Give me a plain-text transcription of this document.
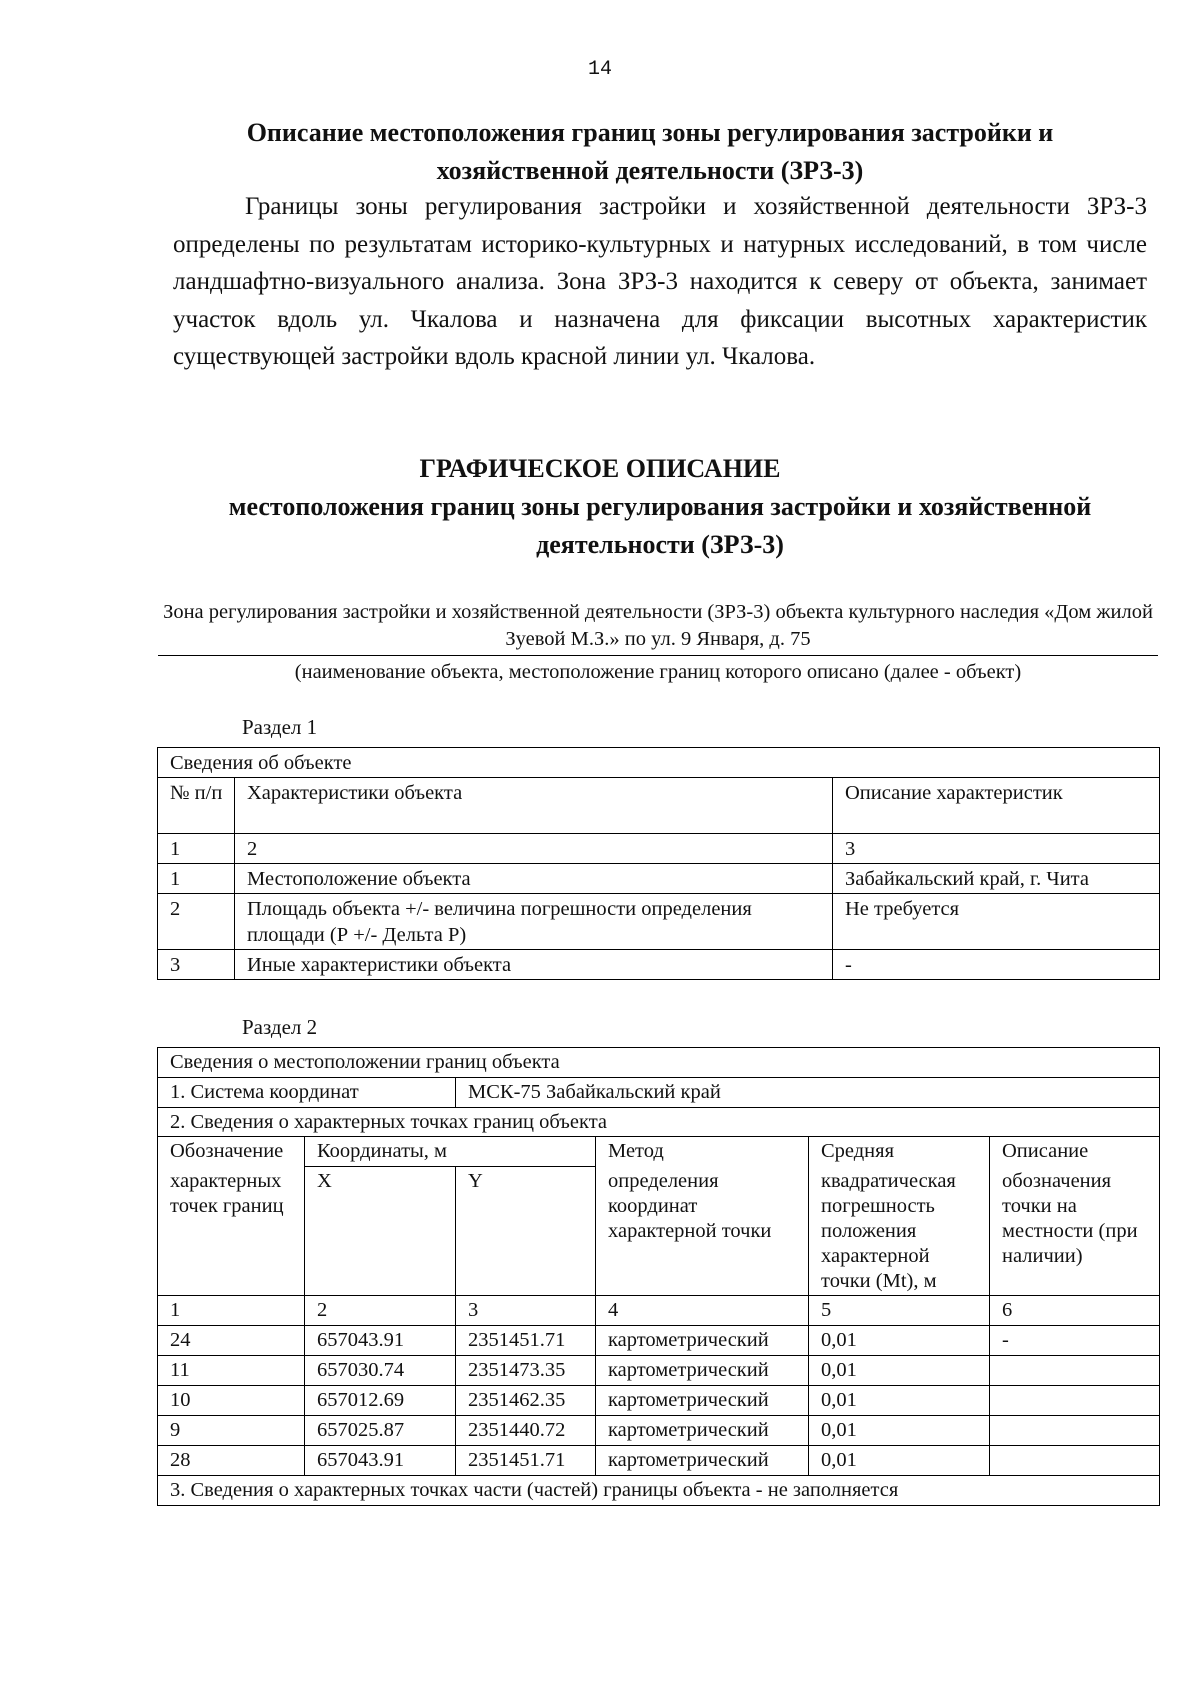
14
Описание местоположения границ зоны регулирования застройки и хозяйственной деятельности (ЗРЗ-3)

Границы зоны регулирования застройки и хозяйственной деятельности ЗРЗ-3 определены по результатам историко-культурных и натурных исследований, в том числе ландшафтно-визуального анализа. Зона ЗРЗ-3 находится к северу от объекта, занимает участок вдоль ул. Чкалова и назначена для фиксации высотных характеристик существующей застройки вдоль красной линии ул. Чкалова.

ГРАФИЧЕСКОЕ ОПИСАНИЕ
местоположения границ зоны регулирования застройки и хозяйственной деятельности (ЗРЗ-3)
Зона регулирования застройки и хозяйственной деятельности (ЗРЗ-3) объекта культурного наследия «Дом жилой Зуевой М.З.» по ул. 9 Января, д. 75
(наименование объекта, местоположение границ которого описано (далее - объект)
Раздел 1
Сведения об объекте		
№ п/п	Характеристики объекта	Описание характеристик
1	2	3
1	Местоположение объекта	Забайкальский край, г. Чита
2	Площадь объекта +/- величина погрешности определения площади (Р +/- Дельта Р)	Не требуется
3	Иные характеристики объекта	-
Раздел 2
Сведения о местоположении границ объекта					
1. Система координат		МСК-75 Забайкальский край			
2. Сведения о характерных точках границ объекта					
Обозначение	Координаты, м		Метод	Средняя	Описание
характерных точек границ	X	Y	определения координат характерной точки	квадратическая погрешность положения характерной точки (Mt), м	обозначения точки на местности (при наличии)
1	2	3	4	5	6
24	657043.91	2351451.71	картометрический	0,01	-
11	657030.74	2351473.35	картометрический	0,01	
10	657012.69	2351462.35	картометрический	0,01	
9	657025.87	2351440.72	картометрический	0,01	
28	657043.91	2351451.71	картометрический	0,01	
3. Сведения о характерных точках части (частей) границы объекта - не заполняется					
